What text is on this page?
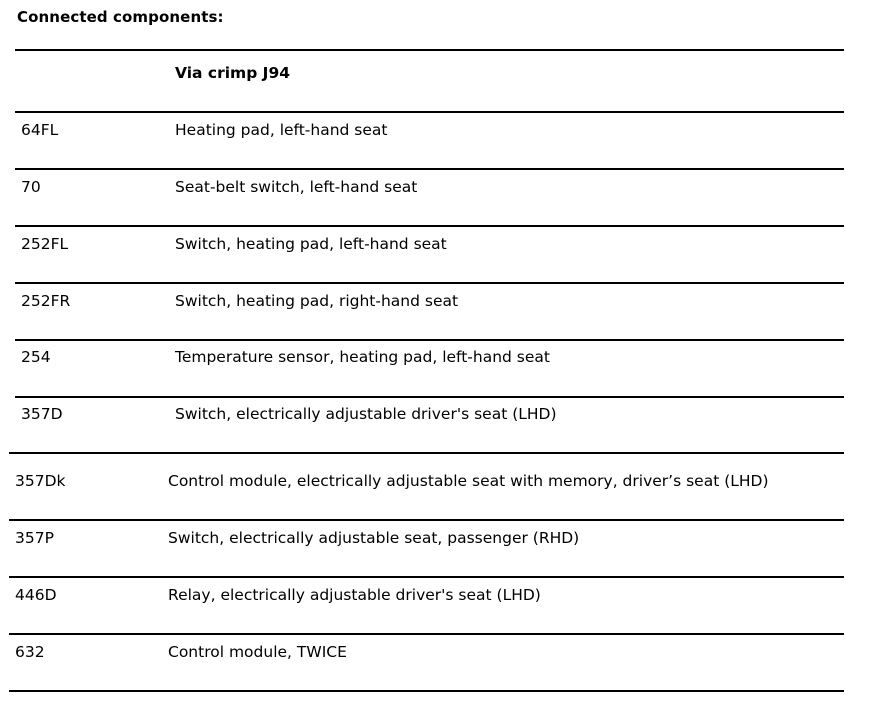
Connected components:
Via crimp J94
64FL	Heating pad, left-hand seat
70	Seat-belt switch, left-hand seat
252FL	Switch, heating pad, left-hand seat
252FR	Switch, heating pad, right-hand seat
254	Temperature sensor, heating pad, left-hand seat
357D	Switch, electrically adjustable driver's seat (LHD)
357Dk	Control module, electrically adjustable seat with memory, driver’s seat (LHD)
357P	Switch, electrically adjustable seat, passenger (RHD)
446D	Relay, electrically adjustable driver's seat (LHD)
632	Control module, TWICE
